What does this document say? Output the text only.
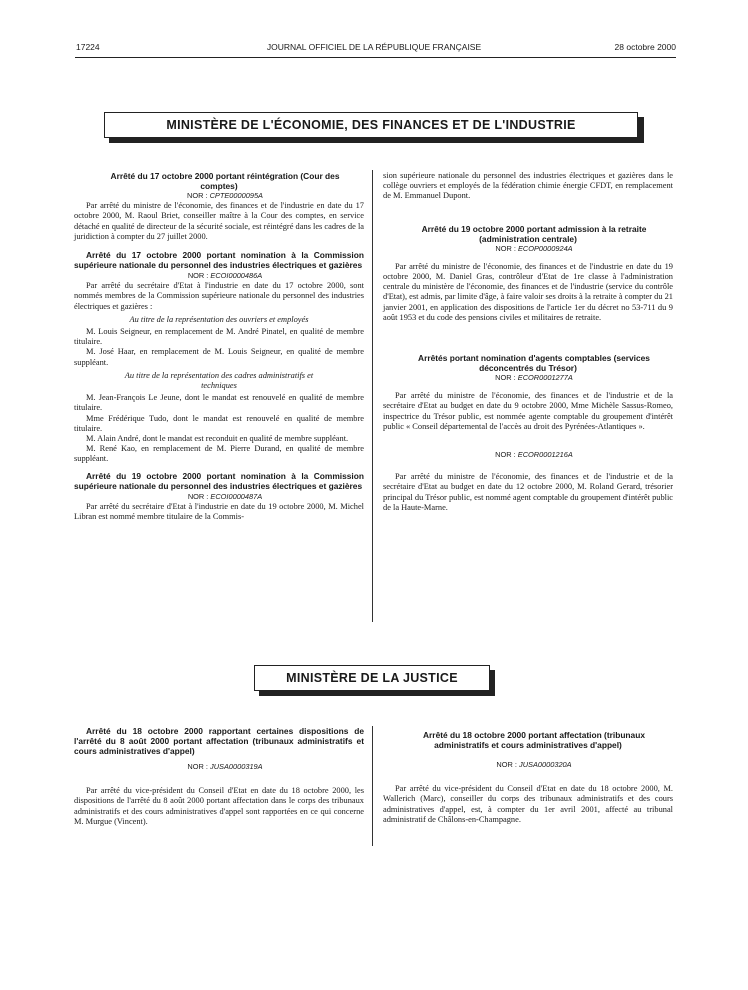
17224	JOURNAL OFFICIEL DE LA RÉPUBLIQUE FRANÇAISE	28 octobre 2000
MINISTÈRE DE L'ÉCONOMIE, DES FINANCES ET DE L'INDUSTRIE

Arrêté du 17 octobre 2000 portant réintégration (Cour des comptes)

NOR : CPTE0000095A

Par arrêté du ministre de l'économie, des finances et de l'industrie en date du 17 octobre 2000, M. Raoul Briet, conseiller maître à la Cour des comptes, en service détaché en qualité de directeur de la sécurité sociale, est réintégré dans les cadres de la juridiction à compter du 27 juillet 2000.

Arrêté du 17 octobre 2000 portant nomination à la Commission supérieure nationale du personnel des industries électriques et gazières

NOR : ECOI0000486A

Par arrêté du secrétaire d'Etat à l'industrie en date du 17 octobre 2000, sont nommés membres de la Commission supérieure nationale du personnel des industries électriques et gazières :

Au titre de la représentation des ouvriers et employés

M. Louis Seigneur, en remplacement de M. André Pinatel, en qualité de membre titulaire.

M. José Haar, en remplacement de M. Louis Seigneur, en qualité de membre suppléant.

Au titre de la représentation des cadres administratifs et techniques

M. Jean-François Le Jeune, dont le mandat est renouvelé en qualité de membre titulaire.

Mme Frédérique Tudo, dont le mandat est renouvelé en qualité de membre titulaire.

M. Alain André, dont le mandat est reconduit en qualité de membre suppléant.

M. René Kao, en remplacement de M. Pierre Durand, en qualité de membre suppléant.

Arrêté du 19 octobre 2000 portant nomination à la Commission supérieure nationale du personnel des industries électriques et gazières

NOR : ECOI0000487A

Par arrêté du secrétaire d'Etat à l'industrie en date du 19 octobre 2000, M. Michel Libran est nommé membre titulaire de la Commis-

sion supérieure nationale du personnel des industries électriques et gazières dans le collège ouvriers et employés de la fédération chimie énergie CFDT, en remplacement de M. Emmanuel Dupont.

Arrêté du 19 octobre 2000 portant admission à la retraite (administration centrale)

NOR : ECOP0000924A

Par arrêté du ministre de l'économie, des finances et de l'industrie en date du 19 octobre 2000, M. Daniel Gras, contrôleur d'Etat de 1re classe à l'administration centrale du ministère de l'économie, des finances et de l'industrie (service du contrôle d'Etat), est admis, par limite d'âge, à faire valoir ses droits à la retraite à compter du 21 janvier 2001, en application des dispositions de l'article 1er du décret no 53-711 du 9 août 1953 et du code des pensions civiles et militaires de retraite.

Arrêtés portant nomination d'agents comptables (services déconcentrés du Trésor)

NOR : ECOR0001277A

Par arrêté du ministre de l'économie, des finances et de l'industrie et de la secrétaire d'Etat au budget en date du 9 octobre 2000, Mme Michèle Sassus-Romeo, inspectrice du Trésor public, est nommée agente comptable du groupement d'intérêt public « Conseil départemental de l'accès au droit des Pyrénées-Atlantiques ».

NOR : ECOR0001216A

Par arrêté du ministre de l'économie, des finances et de l'industrie et de la secrétaire d'Etat au budget en date du 12 octobre 2000, M. Roland Gerard, trésorier principal du Trésor public, est nommé agent comptable du groupement d'intérêt public de la Haute-Marne.

MINISTÈRE DE LA JUSTICE

Arrêté du 18 octobre 2000 rapportant certaines dispositions de l'arrêté du 8 août 2000 portant affectation (tribunaux administratifs et cours administratives d'appel)

NOR : JUSA0000319A

Par arrêté du vice-président du Conseil d'Etat en date du 18 octobre 2000, les dispositions de l'arrêté du 8 août 2000 portant affectation dans le corps des tribunaux administratifs et des cours administratives d'appel sont rapportées en ce qui concerne M. Murgue (Vincent).

Arrêté du 18 octobre 2000 portant affectation (tribunaux administratifs et cours administratives d'appel)

NOR : JUSA0000320A

Par arrêté du vice-président du Conseil d'Etat en date du 18 octobre 2000, M. Wallerich (Marc), conseiller du corps des tribunaux administratifs et des cours administratives d'appel, est, à compter du 1er avril 2001, affecté au tribunal administratif de Châlons-en-Champagne.
